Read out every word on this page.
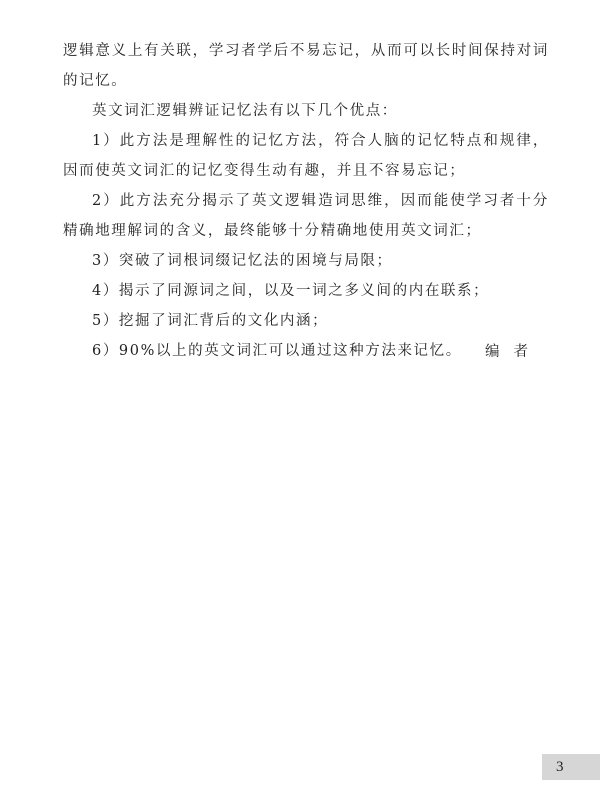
逻辑意义上有关联，学习者学后不易忘记，从而可以长时间保持对词的记忆。

英文词汇逻辑辨证记忆法有以下几个优点：

1）此方法是理解性的记忆方法，符合人脑的记忆特点和规律，因而使英文词汇的记忆变得生动有趣，并且不容易忘记；

2）此方法充分揭示了英文逻辑造词思维，因而能使学习者十分精确地理解词的含义，最终能够十分精确地使用英文词汇；

3）突破了词根词缀记忆法的困境与局限；

4）揭示了同源词之间，以及一词之多义间的内在联系；

5）挖掘了词汇背后的文化内涵；

6）90%以上的英文词汇可以通过这种方法来记忆。	编者
3
